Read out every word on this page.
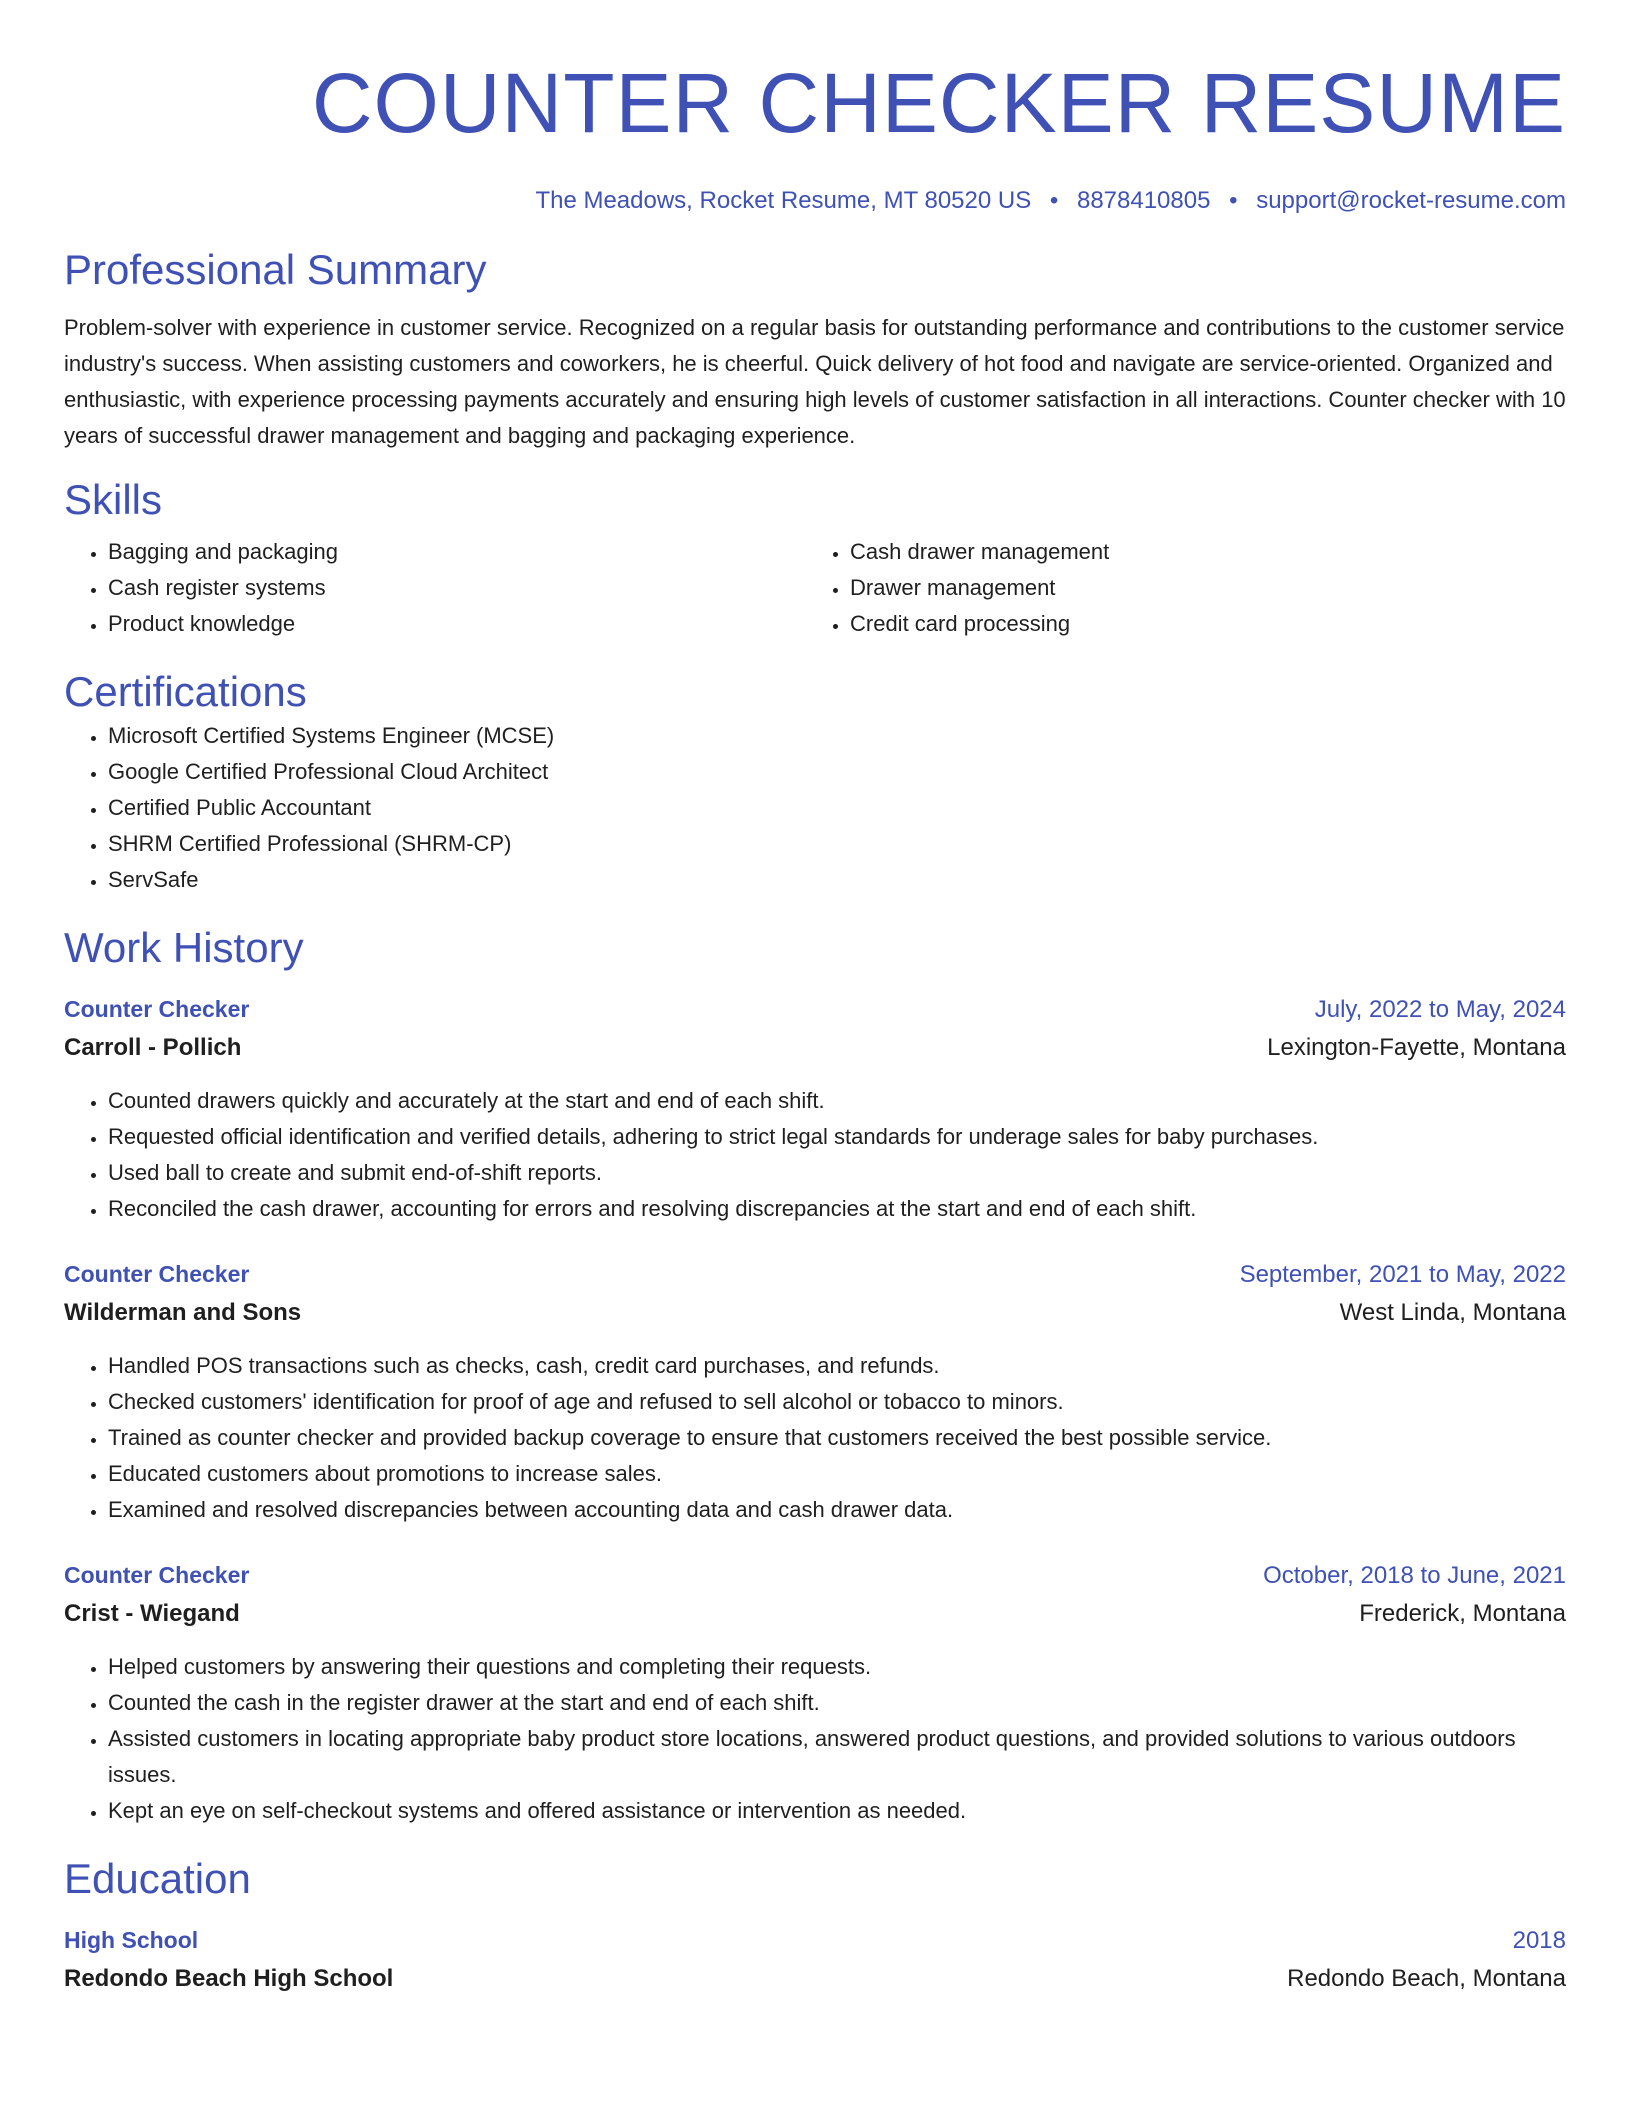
COUNTER CHECKER RESUME
The Meadows, Rocket Resume, MT 80520 US • 8878410805 • support@rocket-resume.com
Professional Summary

Problem-solver with experience in customer service. Recognized on a regular basis for outstanding performance and contributions to the customer service industry's success. When assisting customers and coworkers, he is cheerful. Quick delivery of hot food and navigate are service-oriented. Organized and enthusiastic, with experience processing payments accurately and ensuring high levels of customer satisfaction in all interactions. Counter checker with 10 years of successful drawer management and bagging and packaging experience.

Skills
• Bagging and packaging
• Cash register systems
• Product knowledge
• Cash drawer management
• Drawer management
• Credit card processing
Certifications
• Microsoft Certified Systems Engineer (MCSE)
• Google Certified Professional Cloud Architect
• Certified Public Accountant
• SHRM Certified Professional (SHRM-CP)
• ServSafe
Work History
Counter Checker	July, 2022 to May, 2024
Carroll - Pollich	Lexington-Fayette, Montana
• Counted drawers quickly and accurately at the start and end of each shift.
• Requested official identification and verified details, adhering to strict legal standards for underage sales for baby purchases.
• Used ball to create and submit end-of-shift reports.
• Reconciled the cash drawer, accounting for errors and resolving discrepancies at the start and end of each shift.
Counter Checker	September, 2021 to May, 2022
Wilderman and Sons	West Linda, Montana
• Handled POS transactions such as checks, cash, credit card purchases, and refunds.
• Checked customers' identification for proof of age and refused to sell alcohol or tobacco to minors.
• Trained as counter checker and provided backup coverage to ensure that customers received the best possible service.
• Educated customers about promotions to increase sales.
• Examined and resolved discrepancies between accounting data and cash drawer data.
Counter Checker	October, 2018 to June, 2021
Crist - Wiegand	Frederick, Montana
• Helped customers by answering their questions and completing their requests.
• Counted the cash in the register drawer at the start and end of each shift.
• Assisted customers in locating appropriate baby product store locations, answered product questions, and provided solutions to various outdoors issues.
• Kept an eye on self-checkout systems and offered assistance or intervention as needed.
Education
High School	2018
Redondo Beach High School	Redondo Beach, Montana
